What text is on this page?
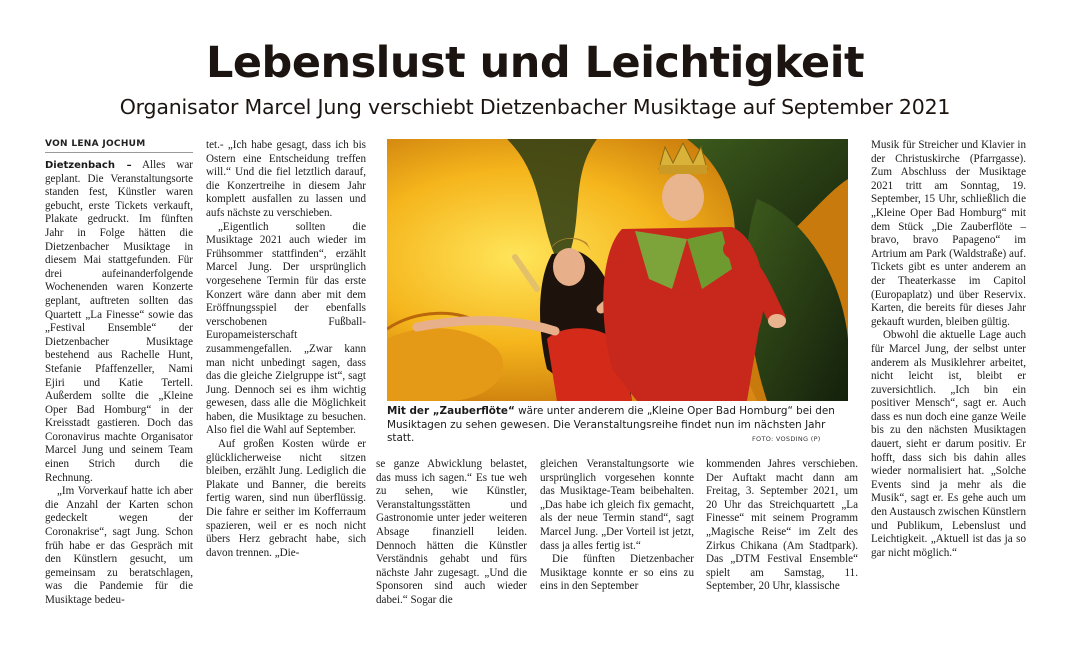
Lebenslust und Leichtigkeit
Organisator Marcel Jung verschiebt Dietzenbacher Musiktage auf September 2021
VON LENA JOCHUM

Dietzenbach – Alles war geplant. Die Veranstaltungsorte standen fest, Künstler waren gebucht, erste Tickets verkauft, Plakate gedruckt. Im fünften Jahr in Folge hätten die Dietzenbacher Musiktage in diesem Mai stattgefunden. Für drei aufeinanderfolgende Wochenenden waren Konzerte geplant, auftreten sollten das Quartett „La Finesse“ sowie das „Festival Ensemble“ der Dietzenbacher Musiktage bestehend aus Rachelle Hunt, Stefanie Pfaffenzeller, Nami Ejiri und Katie Tertell. Außerdem sollte die „Kleine Oper Bad Homburg“ in der Kreisstadt gastieren. Doch das Coronavirus machte Organisator Marcel Jung und seinem Team einen Strich durch die Rechnung.

„Im Vorverkauf hatte ich aber die Anzahl der Karten schon gedeckelt wegen der Coronakrise“, sagt Jung. Schon früh habe er das Gespräch mit den Künstlern gesucht, um gemeinsam zu beratschlagen, was die Pandemie für die Musiktage bedeu-

tet.- „Ich habe gesagt, dass ich bis Ostern eine Entscheidung treffen will.“ Und die fiel letztlich darauf, die Konzertreihe in diesem Jahr komplett ausfallen zu lassen und aufs nächste zu verschieben.

„Eigentlich sollten die Musiktage 2021 auch wieder im Frühsommer stattfinden“, erzählt Marcel Jung. Der ursprünglich vorgesehene Termin für das erste Konzert wäre dann aber mit dem Eröffnungsspiel der ebenfalls verschobenen Fußball-Europameisterschaft zusammengefallen. „Zwar kann man nicht unbedingt sagen, dass das die gleiche Zielgruppe ist“, sagt Jung. Dennoch sei es ihm wichtig gewesen, dass alle die Möglichkeit haben, die Musiktage zu besuchen. Also fiel die Wahl auf September.

Auf großen Kosten würde er glücklicherweise nicht sitzen bleiben, erzählt Jung. Lediglich die Plakate und Banner, die bereits fertig waren, sind nun überflüssig. Die fahre er seither im Kofferraum spazieren, weil er es noch nicht übers Herz gebracht habe, sich davon trennen. „Die-

Mit der „Zauberflöte“ wäre unter anderem die „Kleine Oper Bad Homburg“ bei den Musiktagen zu sehen gewesen. Die Veranstaltungsreihe findet nun im nächsten Jahr statt.	FOTO: VOSDING (P)

se ganze Abwicklung belastet, das muss ich sagen.“ Es tue weh zu sehen, wie Künstler, Veranstaltungsstätten und Gastronomie unter jeder weiteren Absage finanziell leiden. Dennoch hätten die Künstler Verständnis gehabt und fürs nächste Jahr zugesagt. „Und die Sponsoren sind auch wieder dabei.“ Sogar die

gleichen Veranstaltungsorte wie ursprünglich vorgesehen konnte das Musiktage-Team beibehalten. „Das habe ich gleich fix gemacht, als der neue Termin stand“, sagt Marcel Jung. „Der Vorteil ist jetzt, dass ja alles fertig ist.“

Die fünften Dietzenbacher Musiktage konnte er so eins zu eins in den September

kommenden Jahres verschieben. Der Auftakt macht dann am Freitag, 3. September 2021, um 20 Uhr das Streichquartett „La Finesse“ mit seinem Programm „Magische Reise“ im Zelt des Zirkus Chikana (Am Stadtpark). Das „DTM Festival Ensemble“ spielt am Samstag, 11. September, 20 Uhr, klassische

Musik für Streicher und Klavier in der Christuskirche (Pfarrgasse). Zum Abschluss der Musiktage 2021 tritt am Sonntag, 19. September, 15 Uhr, schließlich die „Kleine Oper Bad Homburg“ mit dem Stück „Die Zauberflöte – bravo, bravo Papageno“ im Artrium am Park (Waldstraße) auf. Tickets gibt es unter anderem an der Theaterkasse im Capitol (Europaplatz) und über Reservix. Karten, die bereits für dieses Jahr gekauft wurden, bleiben gültig.

Obwohl die aktuelle Lage auch für Marcel Jung, der selbst unter anderem als Musiklehrer arbeitet, nicht leicht ist, bleibt er zuversichtlich. „Ich bin ein positiver Mensch“, sagt er. Auch dass es nun doch eine ganze Weile bis zu den nächsten Musiktagen dauert, sieht er darum positiv. Er hofft, dass sich bis dahin alles wieder normalisiert hat. „Solche Events sind ja mehr als die Musik“, sagt er. Es gehe auch um den Austausch zwischen Künstlern und Publikum, Lebenslust und Leichtigkeit. „Aktuell ist das ja so gar nicht möglich.“
